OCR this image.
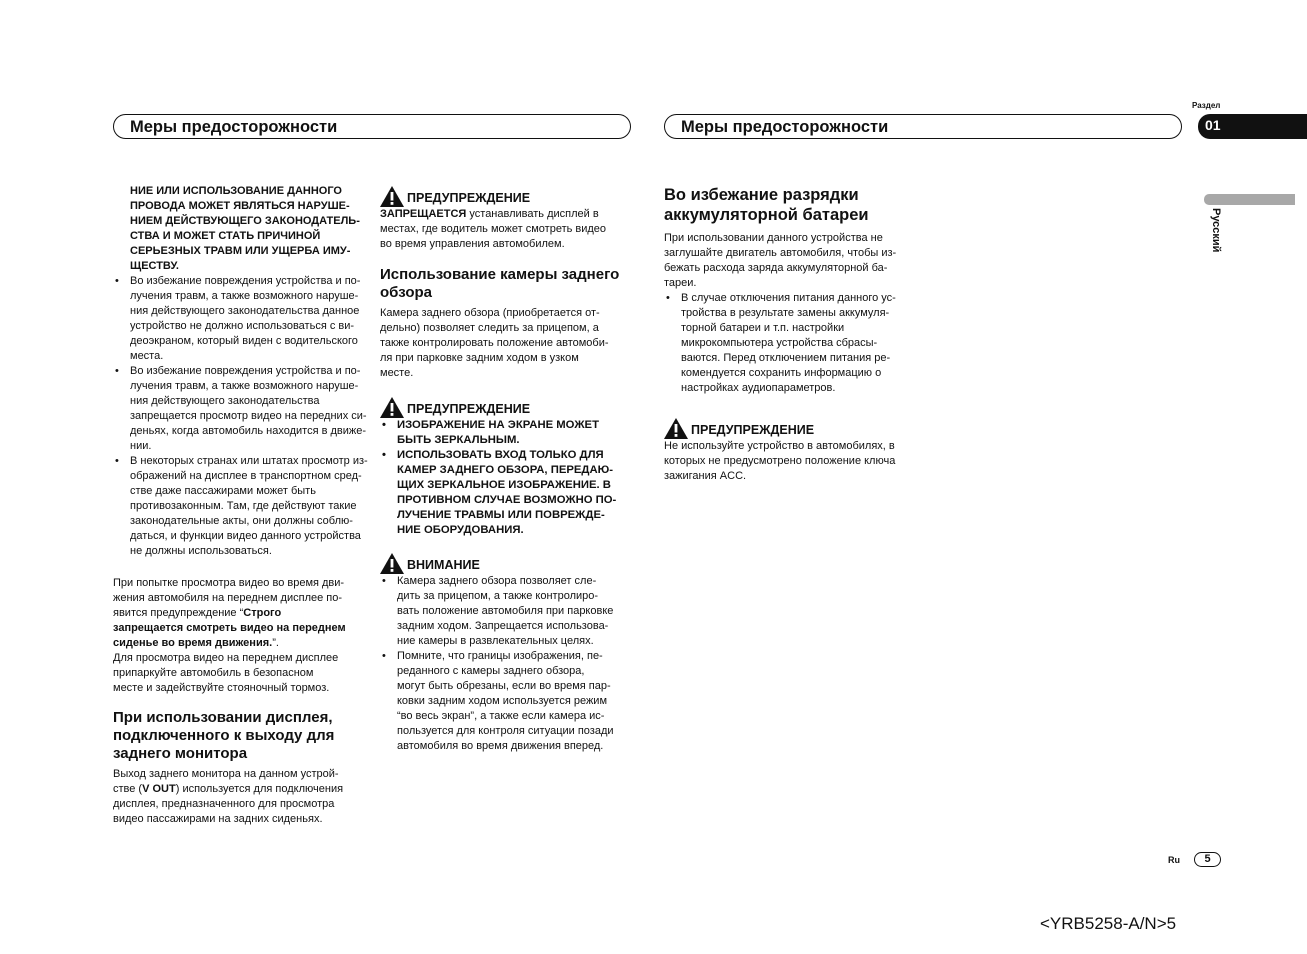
Меры предосторожности	Меры предосторожности
Раздел
01
Русский
НИЕ ИЛИ ИСПОЛЬЗОВАНИЕ ДАННОГО
ПРОВОДА МОЖЕТ ЯВЛЯТЬСЯ НАРУШЕ-
НИЕМ ДЕЙСТВУЮЩЕГО ЗАКОНОДАТЕЛЬ-
СТВА И МОЖЕТ СТАТЬ ПРИЧИНОЙ
СЕРЬЕЗНЫХ ТРАВМ ИЛИ УЩЕРБА ИМУ-
ЩЕСТВУ.
• Во избежание повреждения устройства и по-
лучения травм, а также возможного наруше-
ния действующего законодательства данное
устройство не должно использоваться с ви-
деоэкраном, который виден с водительского
места.
• Во избежание повреждения устройства и по-
лучения травм, а также возможного наруше-
ния действующего законодательства
запрещается просмотр видео на передних си-
деньях, когда автомобиль находится в движе-
нии.
• В некоторых странах или штатах просмотр из-
ображений на дисплее в транспортном сред-
стве даже пассажирами может быть
противозаконным. Там, где действуют такие
законодательные акты, они должны соблю-
даться, и функции видео данного устройства
не должны использоваться.
При попытке просмотра видео во время дви-
жения автомобиля на переднем дисплее по-
явится предупреждение “Строго
запрещается смотреть видео на переднем
сиденье во время движения.”.
Для просмотра видео на переднем дисплее
припаркуйте автомобиль в безопасном
месте и задействуйте стояночный тормоз.
При использовании дисплея,
подключенного к выходу для
заднего монитора
Выход заднего монитора на данном устрой-
стве (V OUT) используется для подключения
дисплея, предназначенного для просмотра
видео пассажирами на задних сиденьях.
ПРЕДУПРЕЖДЕНИЕ
ЗАПРЕЩАЕТСЯ устанавливать дисплей в
местах, где водитель может смотреть видео
во время управления автомобилем.
Использование камеры заднего
обзора
Камера заднего обзора (приобретается от-
дельно) позволяет следить за прицепом, а
также контролировать положение автомоби-
ля при парковке задним ходом в узком
месте.
ПРЕДУПРЕЖДЕНИЕ
• ИЗОБРАЖЕНИЕ НА ЭКРАНЕ МОЖЕТ
БЫТЬ ЗЕРКАЛЬНЫМ.
• ИСПОЛЬЗОВАТЬ ВХОД ТОЛЬКО ДЛЯ
КАМЕР ЗАДНЕГО ОБЗОРА, ПЕРЕДАЮ-
ЩИХ ЗЕРКАЛЬНОЕ ИЗОБРАЖЕНИЕ. В
ПРОТИВНОМ СЛУЧАЕ ВОЗМОЖНО ПО-
ЛУЧЕНИЕ ТРАВМЫ ИЛИ ПОВРЕЖДЕ-
НИЕ ОБОРУДОВАНИЯ.
ВНИМАНИЕ
• Камера заднего обзора позволяет сле-
дить за прицепом, а также контролиро-
вать положение автомобиля при парковке
задним ходом. Запрещается использова-
ние камеры в развлекательных целях.
• Помните, что границы изображения, пе-
реданного с камеры заднего обзора,
могут быть обрезаны, если во время пар-
ковки задним ходом используется режим
“во весь экран”, а также если камера ис-
пользуется для контроля ситуации позади
автомобиля во время движения вперед.
Во избежание разрядки
аккумуляторной батареи
При использовании данного устройства не
заглушайте двигатель автомобиля, чтобы из-
бежать расхода заряда аккумуляторной ба-
тареи.
• В случае отключения питания данного ус-
тройства в результате замены аккумуля-
торной батареи и т.п. настройки
микрокомпьютера устройства сбрасы-
ваются. Перед отключением питания ре-
комендуется сохранить информацию о
настройках аудиопараметров.
ПРЕДУПРЕЖДЕНИЕ
Не используйте устройство в автомобилях, в
которых не предусмотрено положение ключа
зажигания ACC.
Ru	5
<YRB5258-A/N>5
